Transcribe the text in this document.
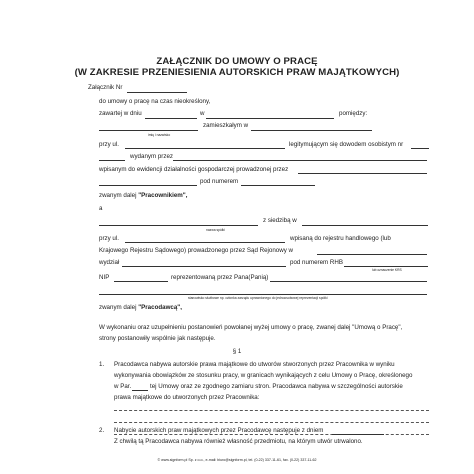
ZAŁĄCZNIK DO UMOWY O PRACĘ
(W ZAKRESIE PRZENIESIENIA AUTORSKICH PRAW MAJĄTKOWYCH)
Załącznik Nr
do umowy o pracę na czas nieokreślony,
zawartej w dniu	w	pomiędzy:
zamieszkałym w
imię i nazwisko
przy ul.	legitymującym się dowodem osobistym nr
wydanym przez
wpisanym do ewidencji działalności gospodarczej prowadzonej przez
pod numerem
zwanym dalej "Pracownikiem",
a
z siedzibą w
nazwa spółki
przy ul.	wpisaną do rejestru handlowego (lub
Krajowego Rejestru Sądowego) prowadzonego przez Sąd Rejonowy w
wydział	pod numerem RHB
lub oznaczenie KRS
NIP	reprezentowaną przez Pana(Panią)
stanowisko służbowe np. członka zarządu uprawnionego do jednoosobowej reprezentacji spółki
zwanym dalej "Pracodawcą",
W wykonaniu oraz uzupełnieniu postanowień powołanej wyżej umowy o pracę, zwanej dalej "Umową o Pracę",
strony postanowiły wspólnie jak następuje.
§ 1
1. Pracodawca nabywa autorskie prawa majątkowe do utworów stworzonych przez Pracownika w wyniku
wykonywania obowiązków ze stosunku pracy, w granicach wynikających z celu Umowy o Pracę, określonego
w Par.	tej Umowy oraz ze zgodnego zamiaru stron. Pracodawca nabywa w szczególności autorskie
prawa majątkowe do utworzonych przez Pracownika:
2. Nabycie autorskich praw majątkowych przez Pracodawcę następuje z dniem
Z chwilą tą Pracodawca nabywa również własność przedmiotu, na którym utwór utrwalono.
© www.signform.pl Sp. z o.o., e-mail: biuro@signform.pl, tel. (0-22) 337-11-61, fax. (0-22) 337-11-62
